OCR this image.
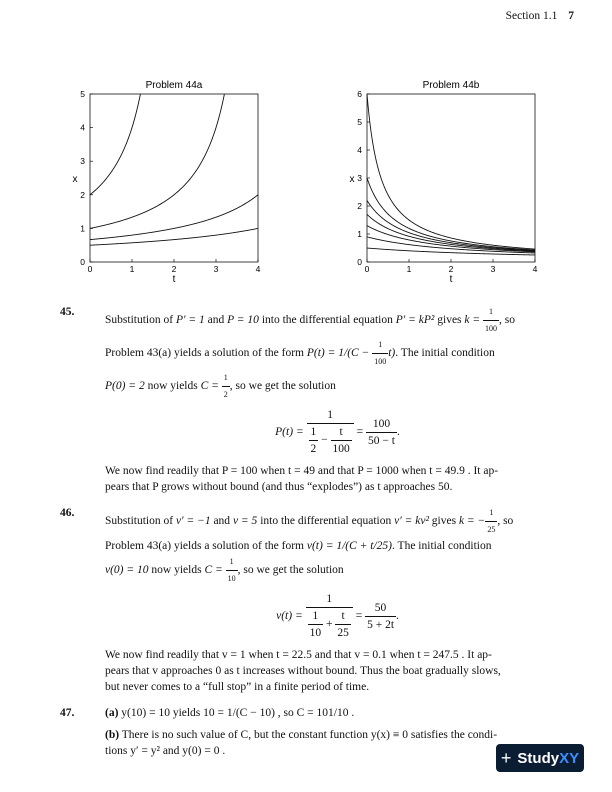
Section 1.1 7
Problem 44a
0	1	2	3	4
0
1
2
3
4
5
t
x
Problem 44b
0	1	2	3	4
0
1
2
3
4
5
6
t
x
45.

Substitution of P′ = 1 and P = 10 into the differential equation P′ = kP² gives $k = \frac{1}{100}$ , so

Problem 43(a) yields a solution of the form $P(t) = 1/(C - \frac{1}{100} t)$. The initial condition

P(0) = 2 now yields $C = \frac{1}{2}$ , so we get the solution

$P(t) = \frac{1}{\frac{1}{2} - \frac{t}{100}} = \frac{100}{50 - t}$ .

We now find readily that P = 100 when t = 49 and that P = 1000 when t = 49.9 . It ap-

pears that P grows without bound (and thus “explodes”) as t approaches 50.

46.

Substitution of v′ = −1 and v = 5 into the differential equation v′ = kv² gives k = − $\frac{1}{25}$ , so

Problem 43(a) yields a solution of the form v(t) = 1/(C + t/25). The initial condition

v(0) = 10 now yields $C = \frac{1}{10}$ , so we get the solution

$v(t) = \frac{1}{\frac{1}{10} + \frac{t}{25}} = \frac{50}{5 + 2t}$ .

We now find readily that v = 1 when t = 22.5 and that v = 0.1 when t = 247.5 . It ap-

pears that v approaches 0 as t increases without bound. Thus the boat gradually slows,

but never comes to a “full stop” in a finite period of time.

47.	(a) y(10) = 10 yields 10 = 1/(C − 10) , so C = 101/10 .

(b) There is no such value of C, but the constant function y(x) ≡ 0 satisfies the condi-

tions y′ = y² and y(0) = 0 .	+ StudyXY
